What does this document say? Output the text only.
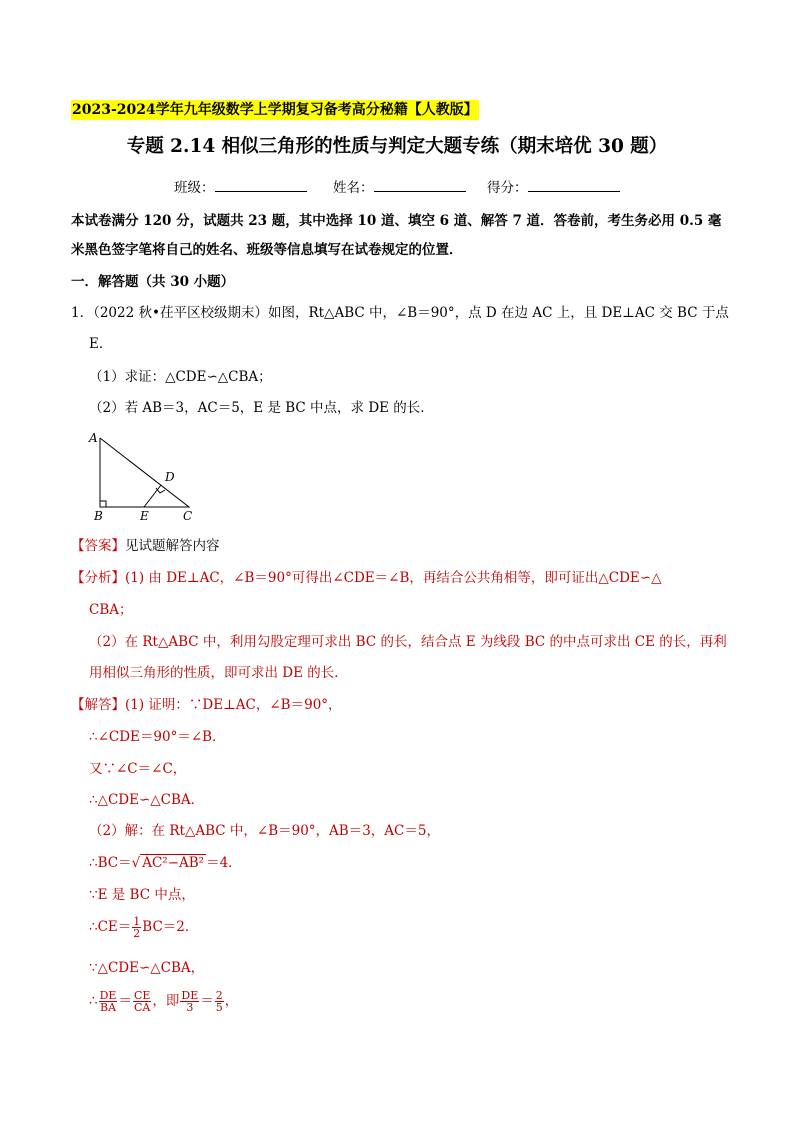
2023-2024学年九年级数学上学期复习备考高分秘籍【人教版】
专题 2.14 相似三角形的性质与判定大题专练（期末培优 30 题）
班级：	姓名：	得分：
本试卷满分 120 分，试题共 23 题，其中选择 10 道、填空 6 道、解答 7 道．答卷前，考生务必用 0.5 毫米黑色签字笔将自己的姓名、班级等信息填写在试卷规定的位置．
一．解答题（共 30 小题）
1．（2022 秋•茌平区校级期末）如图，Rt△ABC 中，∠B＝90°，点 D 在边 AC 上，且 DE⊥AC 交 BC 于点
E．
（1）求证：△CDE∽△CBA；
（2）若 AB＝3，AC＝5，E 是 BC 中点，求 DE 的长．
A
B	E	C
D
【答案】见试题解答内容
【分析】(1) 由 DE⊥AC，∠B＝90°可得出∠CDE＝∠B，再结合公共角相等，即可证出△CDE∽△
CBA；
（2）在 Rt△ABC 中，利用勾股定理可求出 BC 的长，结合点 E 为线段 BC 的中点可求出 CE 的长，再利
用相似三角形的性质，即可求出 DE 的长．
【解答】(1) 证明：∵DE⊥AC，∠B＝90°，
∴∠CDE＝90°＝∠B．
又∵∠C＝∠C，
∴△CDE∽△CBA．
（2）解：在 Rt△ABC 中，∠B＝90°，AB＝3，AC＝5，
∴BC＝√ AC²−AB² ＝4．
∵E 是 BC 中点，
∴CE＝ $\frac{1}{2} BC=2$．
∵△CDE∽△CBA，
∴ $\frac{DE}{BA} = \frac{CE}{CA}$ ，即 $\frac{DE}{3} = \frac{2}{5}$ ，
